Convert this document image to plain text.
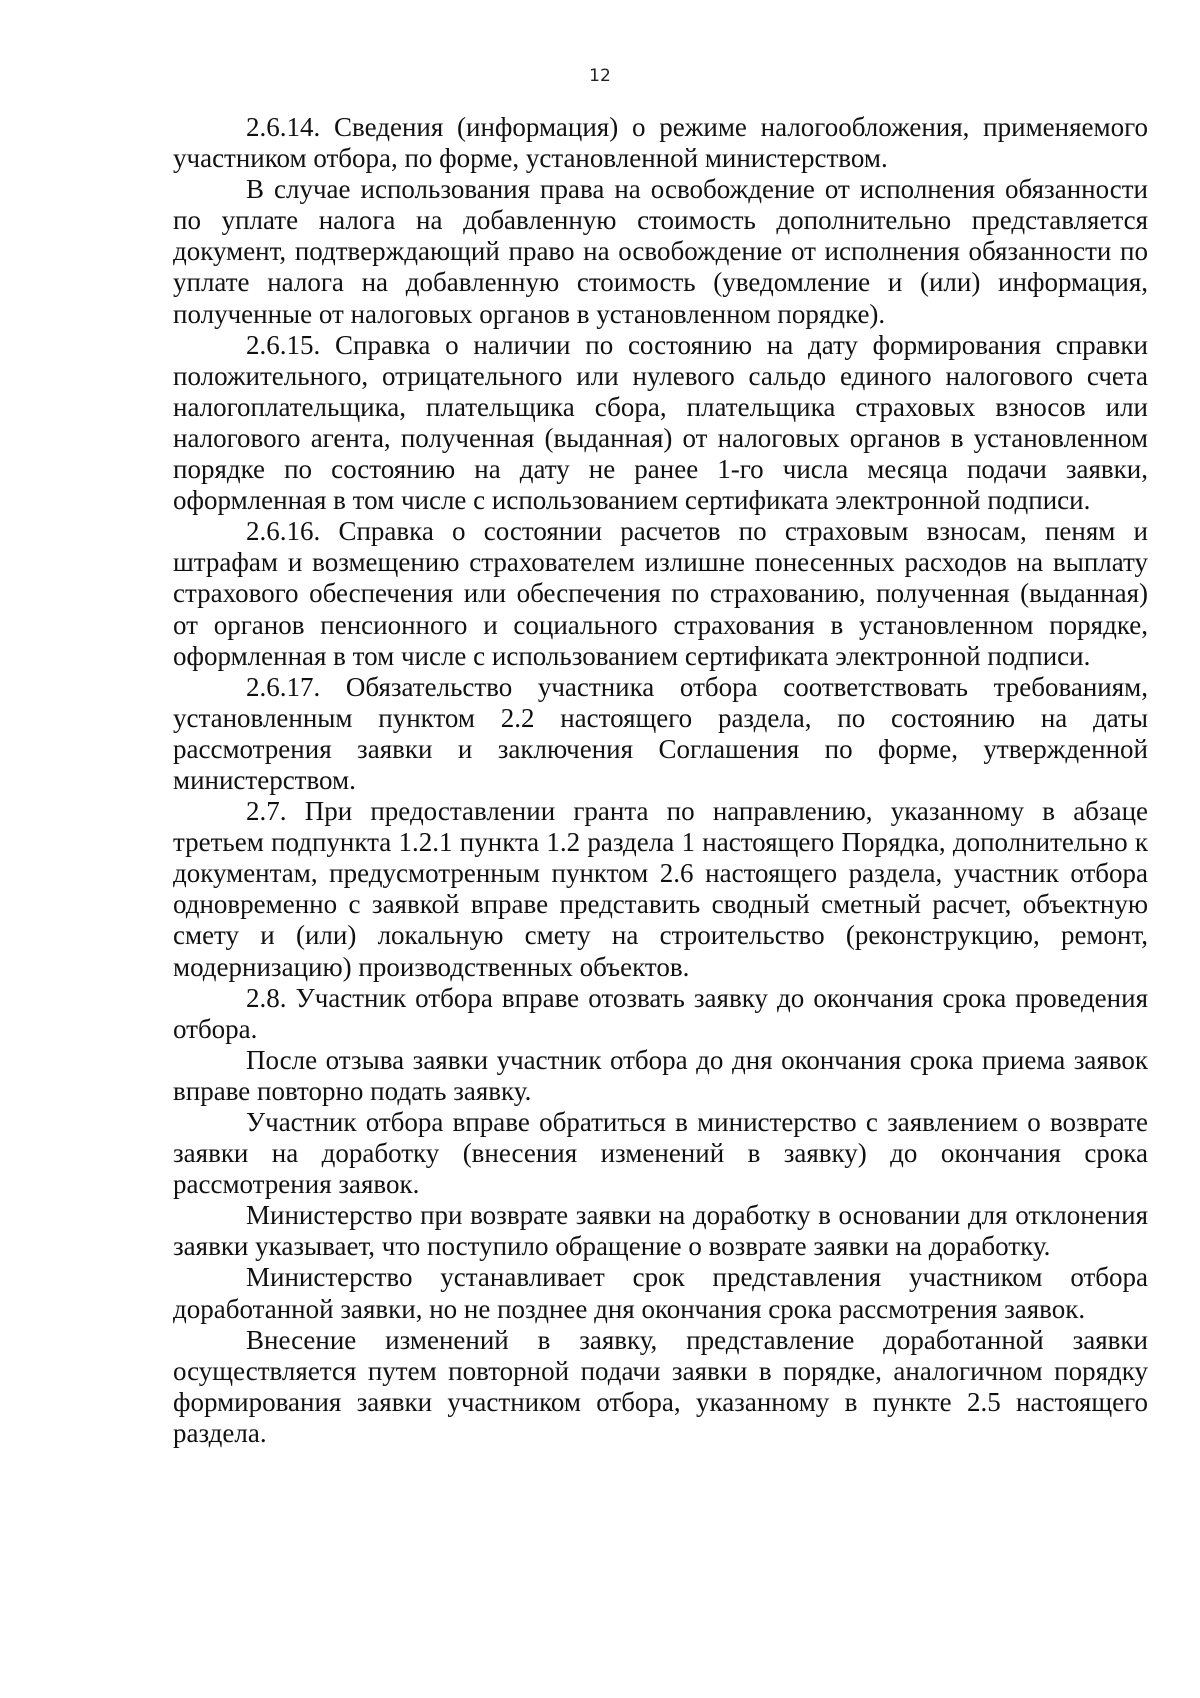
12

2.6.14. Сведения (информация) о режиме налогообложения, применяемого участником отбора, по форме, установленной министерством.

В случае использования права на освобождение от исполнения обязанности по уплате налога на добавленную стоимость дополнительно представляется документ, подтверждающий право на освобождение от исполнения обязанности по уплате налога на добавленную стоимость (уведомление и (или) информация, полученные от налоговых органов в установленном порядке).

2.6.15. Справка о наличии по состоянию на дату формирования справки положительного, отрицательного или нулевого сальдо единого налогового счета налогоплательщика, плательщика сбора, плательщика страховых взносов или налогового агента, полученная (выданная) от налоговых органов в установленном порядке по состоянию на дату не ранее 1-го числа месяца подачи заявки, оформленная в том числе с использованием сертификата электронной подписи.

2.6.16. Справка о состоянии расчетов по страховым взносам, пеням и штрафам и возмещению страхователем излишне понесенных расходов на выплату страхового обеспечения или обеспечения по страхованию, полученная (выданная) от органов пенсионного и социального страхования в установленном порядке, оформленная в том числе с использованием сертификата электронной подписи.

2.6.17. Обязательство участника отбора соответствовать требованиям, установленным пунктом 2.2 настоящего раздела, по состоянию на даты рассмотрения заявки и заключения Соглашения по форме, утвержденной министерством.

2.7. При предоставлении гранта по направлению, указанному в абзаце третьем подпункта 1.2.1 пункта 1.2 раздела 1 настоящего Порядка, дополнительно к документам, предусмотренным пунктом 2.6 настоящего раздела, участник отбора одновременно с заявкой вправе представить сводный сметный расчет, объектную смету и (или) локальную смету на строительство (реконструкцию, ремонт, модернизацию) производственных объектов.

2.8. Участник отбора вправе отозвать заявку до окончания срока проведения отбора.

После отзыва заявки участник отбора до дня окончания срока приема заявок вправе повторно подать заявку.

Участник отбора вправе обратиться в министерство с заявлением о возврате заявки на доработку (внесения изменений в заявку) до окончания срока рассмотрения заявок.

Министерство при возврате заявки на доработку в основании для отклонения заявки указывает, что поступило обращение о возврате заявки на доработку.

Министерство устанавливает срок представления участником отбора доработанной заявки, но не позднее дня окончания срока рассмотрения заявок.

Внесение изменений в заявку, представление доработанной заявки осуществляется путем повторной подачи заявки в порядке, аналогичном порядку формирования заявки участником отбора, указанному в пункте 2.5 настоящего раздела.
